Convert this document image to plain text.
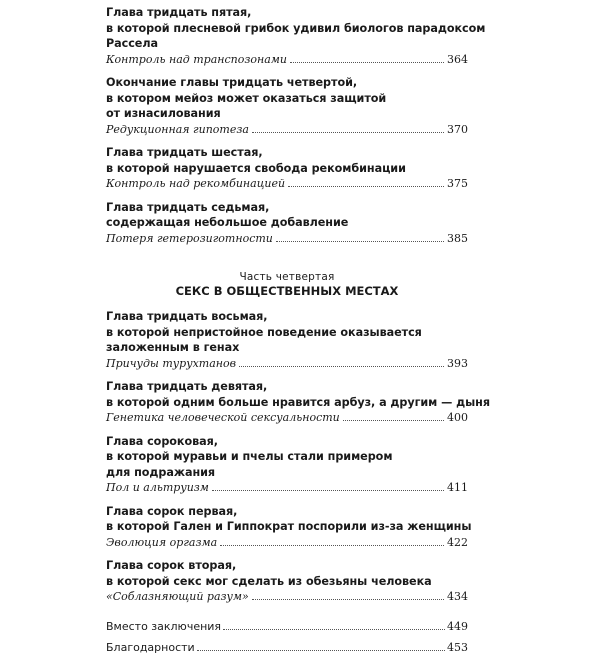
Глава тридцать пятая,
в которой плесневой грибок удивил биологов парадоксом
Рассела
Контроль над транспозонами	364
Окончание главы тридцать четвертой,
в котором мейоз может оказаться защитой
от изнасилования
Редукционная гипотеза	370
Глава тридцать шестая,
в которой нарушается свобода рекомбинации
Контроль над рекомбинацией	375
Глава тридцать седьмая,
содержащая небольшое добавление
Потеря гетерозиготности	385
Часть четвертая
СЕКС В ОБЩЕСТВЕННЫХ МЕСТАХ
Глава тридцать восьмая,
в которой непристойное поведение оказывается
заложенным в генах
Причуды турухтанов	393
Глава тридцать девятая,
в которой одним больше нравится арбуз, а другим — дыня
Генетика человеческой сексуальности	400
Глава сороковая,
в которой муравьи и пчелы стали примером
для подражания
Пол и альтруизм	411
Глава сорок первая,
в которой Гален и Гиппократ поспорили из-за женщины
Эволюция оргазма	422
Глава сорок вторая,
в которой секс мог сделать из обезьяны человека
«Соблазняющий разум»	434
Вместо заключения	449
Благодарности	453
